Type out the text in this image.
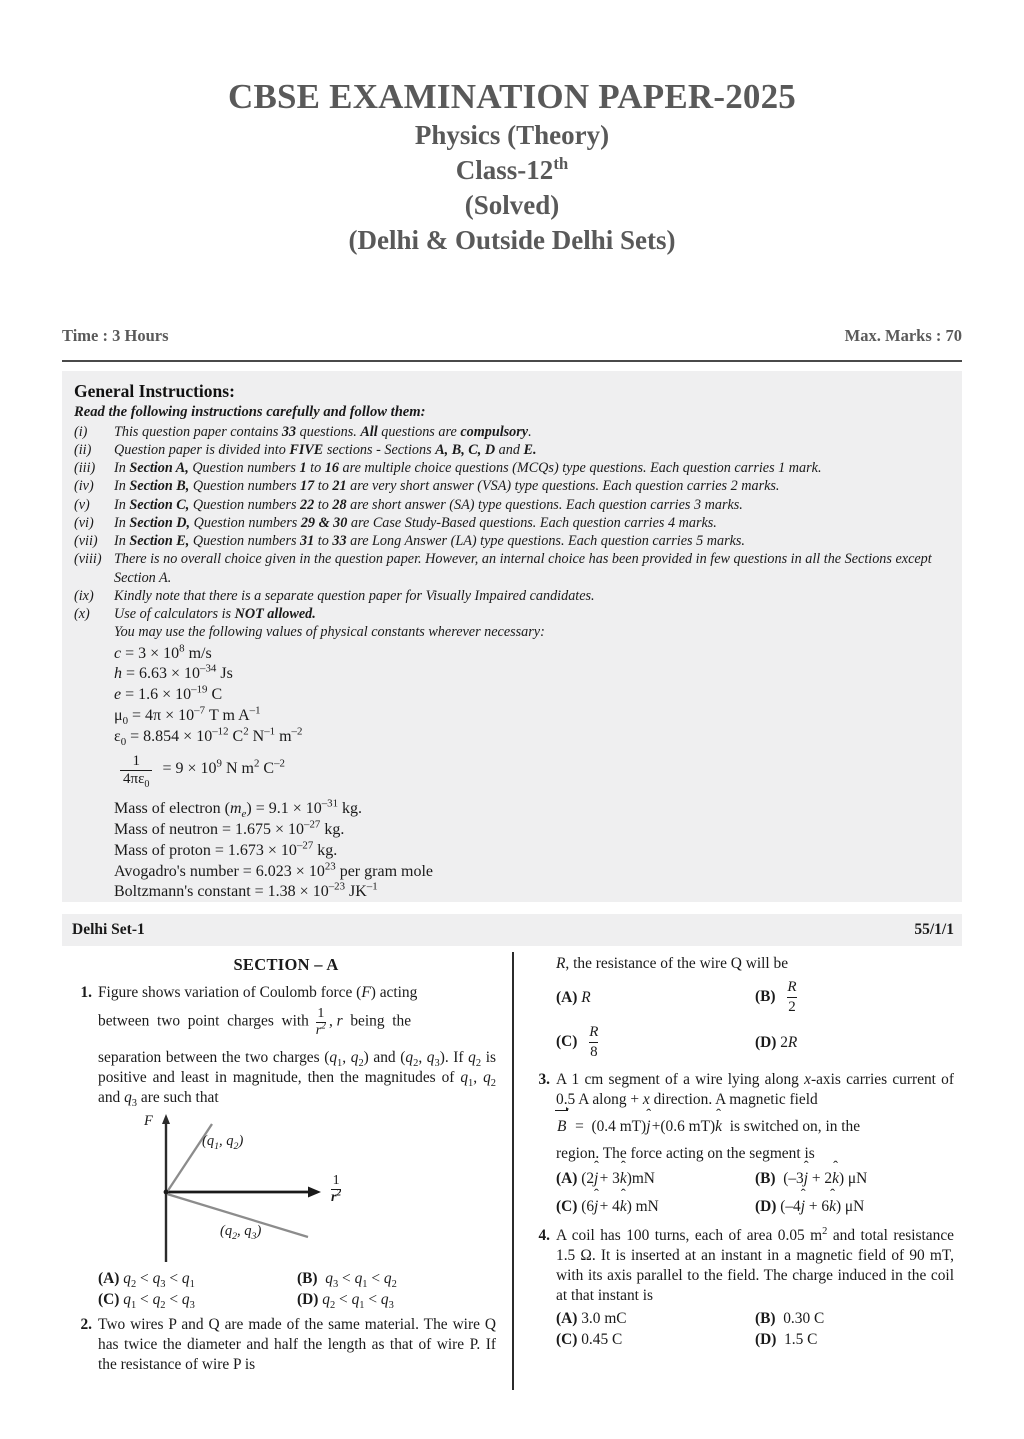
CBSE EXAMINATION PAPER-2025
Physics (Theory)
Class-12th
(Solved)
(Delhi & Outside Delhi Sets)
Time : 3 Hours	Max. Marks : 70
General Instructions:
Read the following instructions carefully and follow them:
(i)	This question paper contains 33 questions. All questions are compulsory.
(ii)	Question paper is divided into FIVE sections - Sections A, B, C, D and E.
(iii)	In Section A, Question numbers 1 to 16 are multiple choice questions (MCQs) type questions. Each question carries 1 mark.
(iv)	In Section B, Question numbers 17 to 21 are very short answer (VSA) type questions. Each question carries 2 marks.
(v)	In Section C, Question numbers 22 to 28 are short answer (SA) type questions. Each question carries 3 marks.
(vi)	In Section D, Question numbers 29 & 30 are Case Study-Based questions. Each question carries 4 marks.
(vii)	In Section E, Question numbers 31 to 33 are Long Answer (LA) type questions. Each question carries 5 marks.
(viii) There is no overall choice given in the question paper. However, an internal choice has been provided in few questions in all the Sections except Section A.
(ix)	Kindly note that there is a separate question paper for Visually Impaired candidates.
(x)	Use of calculators is NOT allowed.
You may use the following values of physical constants wherever necessary:
$c = 3 \times 10^8$ m/s
$h = 6.63 \times 10^{-34}$ Js
$e = 1.6 \times 10^{-19}$ C
$\mu_0 = 4\pi \times 10^{-7}$ T m $A^{-1}$
$\varepsilon_0 = 8.854 \times 10^{-12}$ $C^2$ $N^{-1}$ $m^{-2}$
1
$4\pi\varepsilon_0$
= $9 \times 10^9$ N $m^2$ $C^{-2}$
Mass of electron $(m_e) = 9.1 \times 10^{-31}$ kg.
Mass of neutron = $1.675 \times 10^{-27}$ kg.
Mass of proton = $1.673 \times 10^{-27}$ kg.
Avogadro's number = $6.023 \times 10^{23}$ per gram mole
Boltzmann's constant = $1.38 \times 10^{-23}$ $JK^{-1}$
Delhi Set-1	55/1/1
SECTION – A
1. Figure shows variation of Coulomb force (F) acting

between  two  point  charges  with $\frac{1}{r^2}$ , r  being  the

separation between the two charges ($q_1$, $q_2$) and ($q_2$, $q_3$). If $q_2$ is positive and least in magnitude, then the magnitudes of $q_1$, $q_2$ and $q_3$ are such that

F
($q_1$, $q_2$)
($q_2$, $q_3$)
1
$r^2$
(A) $q_2 < q_3 < q_1$	(B) $q_3 < q_1 < q_2$
(C) $q_1 < q_2 < q_3$	(D) $q_2 < q_1 < q_3$
2. Two wires P and Q are made of the same material. The wire Q has twice the diameter and half the length as that of wire P. If the resistance of wire P is

R, the resistance of the wire Q will be

(A) R	$(B) \frac{R}{2}$
$(C) \frac{R}{8}$	(D) 2R
3. A 1 cm segment of a wire lying along x-axis carries current of 0.5 A along + x direction. A magnetic field

B  =  (0.4 mT)j ˆ +(0.6 mT)k ˆ  is switched on, in the

region. The force acting on the segment is

(A) (2j ˆ + 3k ˆ)mN	(B)  (–3j ˆ + 2k ˆ) μN
(C) (6j ˆ + 4k ˆ) mN	(D) (–4j ˆ + 6k ˆ) μN
4. A coil has 100 turns, each of area 0.05 $m^2$ and total resistance 1.5 Ω. It is inserted at an instant in a magnetic field of 90 mT, with its axis parallel to the field. The charge induced in the coil at that instant is

(A) 3.0 mC	(B) 0.30 C
(C) 0.45 C	(D) 1.5 C
